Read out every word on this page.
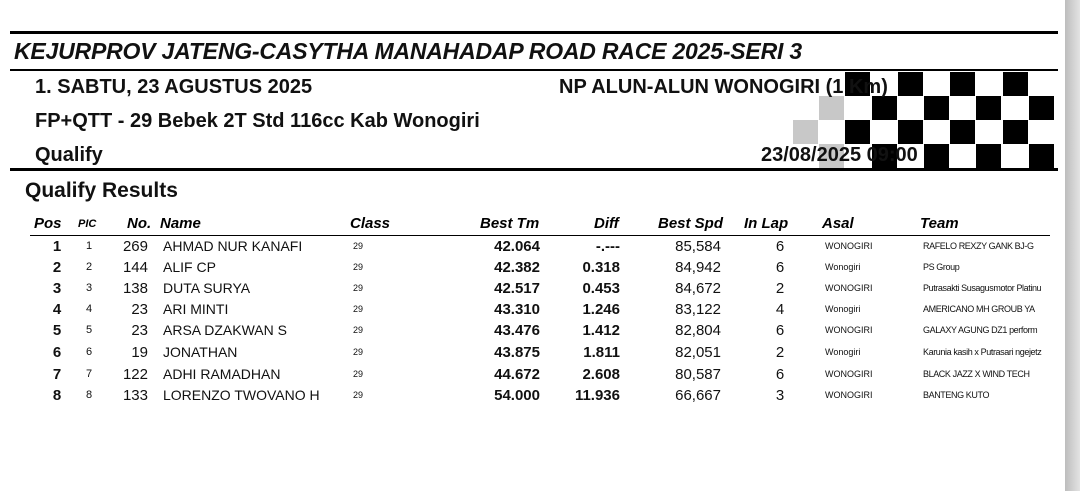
KEJURPROV JATENG-CASYTHA MANAHADAP ROAD RACE 2025-SERI 3
1. SABTU, 23 AGUSTUS 2025	NP ALUN-ALUN WONOGIRI (1 Km)
FP+QTT - 29 Bebek 2T Std 116cc Kab Wonogiri
Qualify	23/08/2025 09:00
Qualify Results
Pos PIC No. Name	Class	Best Tm	Diff	Best Spd In Lap Asal	Team
1 1	269 AHMAD NUR KANAFI	29	42.064	-.---	85,584	6	WONOGIRI	RAFELO REXZY GANK BJ-G
2 2	144 ALIF CP	29	42.382	0.318	84,942	6	Wonogiri	PS Group
3 3	138 DUTA SURYA	29	42.517	0.453	84,672	2	WONOGIRI	Putrasakti Susagusmotor Platinu
4 4	23 ARI MINTI	29	43.310	1.246	83,122	4	Wonogiri	AMERICANO MH GROUB YA
5 5	23 ARSA DZAKWAN S	29	43.476	1.412	82,804	6	WONOGIRI	GALAXY AGUNG DZ1 perform
6 6	19 JONATHAN	29	43.875	1.811	82,051	2	Wonogiri	Karunia kasih x Putrasari ngejetz
7 7	122 ADHI RAMADHAN	29	44.672	2.608	80,587	6	WONOGIRI	BLACK JAZZ X WIND TECH
8 8	133 LORENZO TWOVANO H	29	54.000	11.936	66,667	3	WONOGIRI	BANTENG KUTO
